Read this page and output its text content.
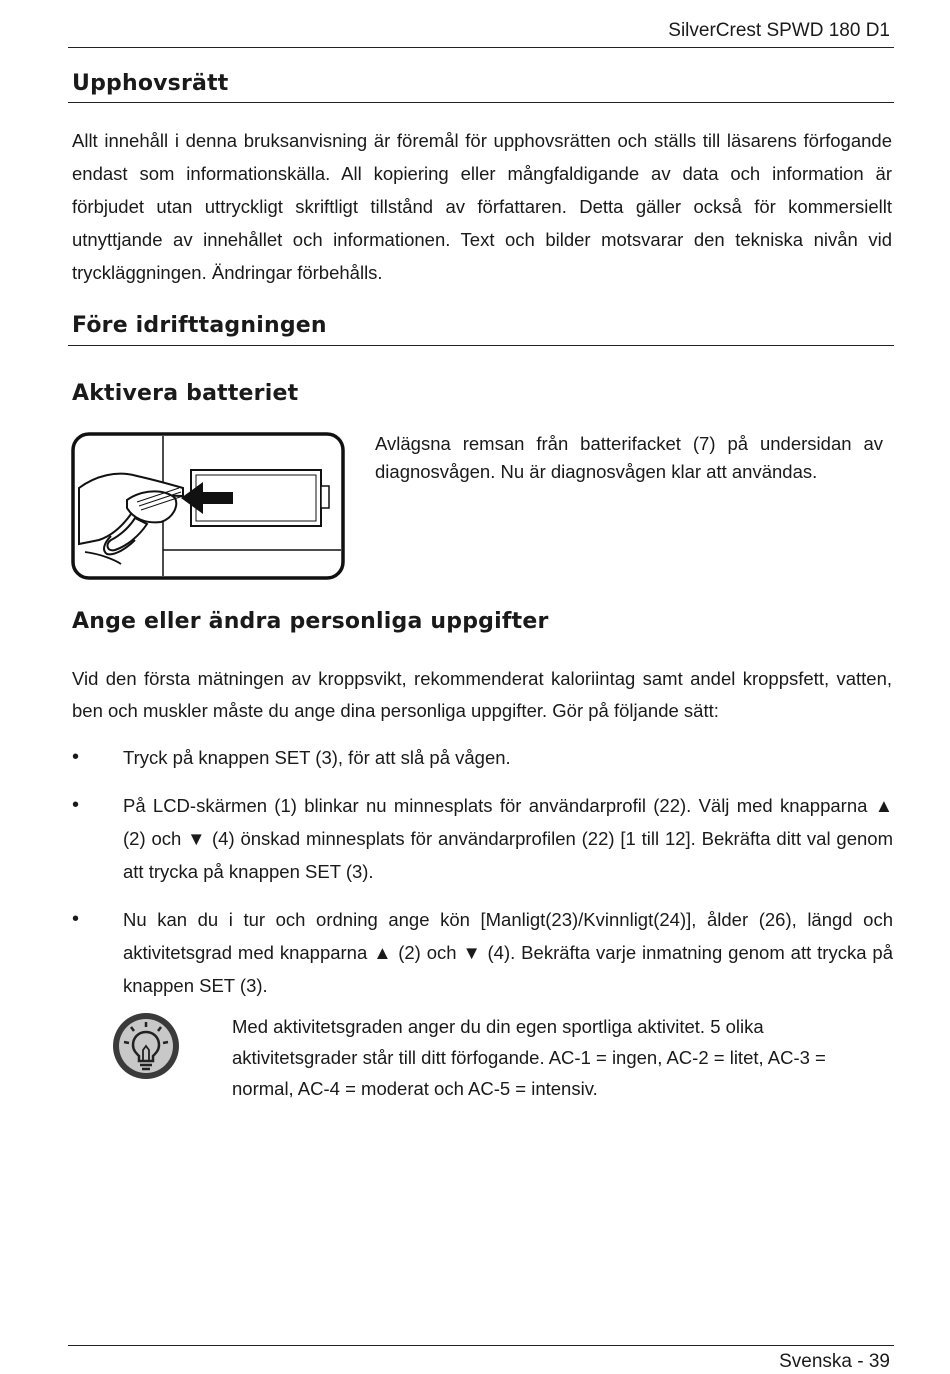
SilverCrest SPWD 180 D1
Upphovsrätt

Allt innehåll i denna bruksanvisning är föremål för upphovsrätten och ställs till läsarens förfogande endast som informationskälla. All kopiering eller mångfaldigande av data och information är förbjudet utan uttryckligt skriftligt tillstånd av författaren. Detta gäller också för kommersiellt utnyttjande av innehållet och informationen. Text och bilder motsvarar den tekniska nivån vid tryckläggningen. Ändringar förbehålls.

Före idrifttagningen
Aktivera batteriet

Avlägsna remsan från batterifacket (7) på undersidan av diagnosvågen. Nu är diagnosvågen klar att användas.

Ange eller ändra personliga uppgifter

Vid den första mätningen av kroppsvikt, rekommenderat kaloriintag samt andel kroppsfett, vatten, ben och muskler måste du ange dina personliga uppgifter. Gör på följande sätt:

• Tryck på knappen SET (3), för att slå på vågen.

• På LCD-skärmen (1) blinkar nu minnesplats för användarprofil (22). Välj med knapparna ▲ (2) och ▼ (4) önskad minnesplats för användarprofilen (22) [1 till 12]. Bekräfta ditt val genom att trycka på knappen SET (3).

• Nu kan du i tur och ordning ange kön [Manligt(23)/Kvinnligt(24)], ålder (26), längd och aktivitetsgrad med knapparna ▲ (2) och ▼ (4). Bekräfta varje inmatning genom att trycka på knappen SET (3).

Med aktivitetsgraden anger du din egen sportliga aktivitet. 5 olika aktivitetsgrader står till ditt förfogande. AC-1 = ingen, AC-2 = litet, AC-3 = normal, AC-4 = moderat och AC-5 = intensiv.

Svenska - 39
